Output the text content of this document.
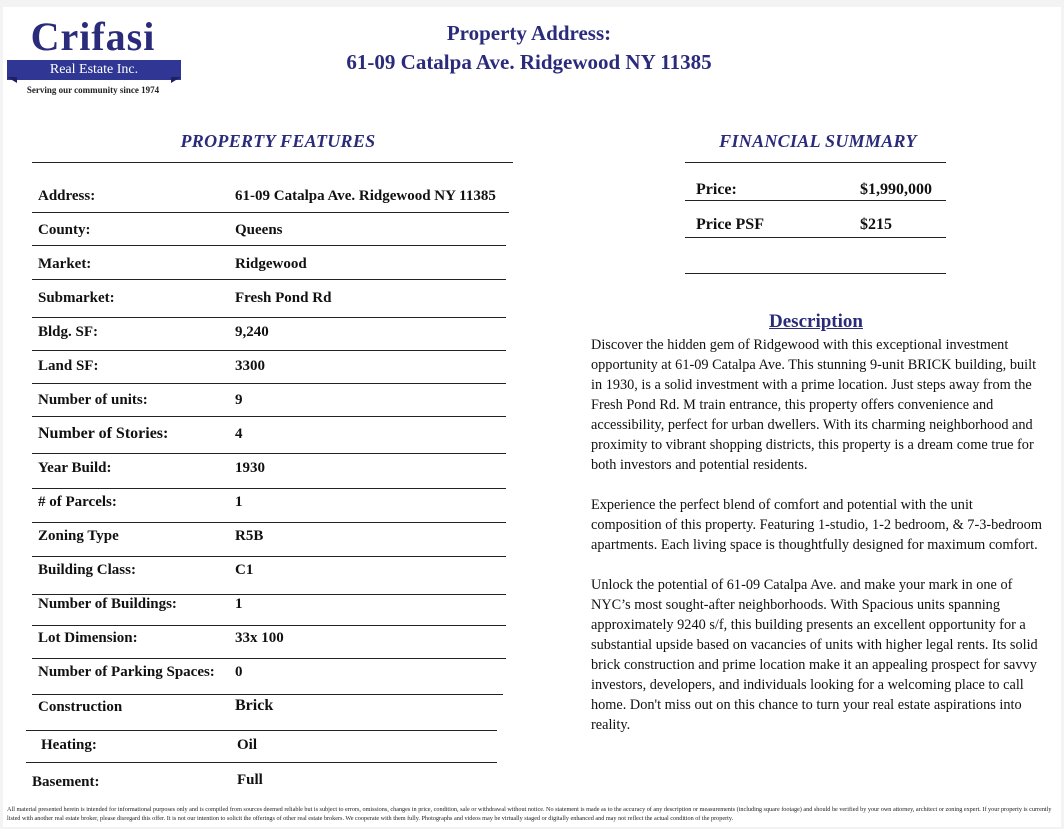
Crifasi
Real Estate Inc.
Serving our community since 1974
Property Address:
61-09 Catalpa Ave. Ridgewood NY 11385
PROPERTY FEATURES
Address:	61-09 Catalpa Ave. Ridgewood NY 11385
County:	Queens
Market:	Ridgewood
Submarket:	Fresh Pond Rd
Bldg. SF:	9,240
Land SF:	3300
Number of units:	9
Number of Stories:	4
Year Build:	1930
# of Parcels:	1
Zoning Type	R5B
Building Class:	C1
Number of Buildings:	1
Lot Dimension:	33x 100
Number of Parking Spaces: 0
Construction	Brick
Heating:	Oil
Basement:	Full
FINANCIAL SUMMARY
Price:	$1,990,000
Price PSF	$215
Description

Discover the hidden gem of Ridgewood with this exceptional investment opportunity at 61-09 Catalpa Ave. This stunning 9-unit BRICK building, built in 1930, is a solid investment with a prime location. Just steps away from the Fresh Pond Rd. M train entrance, this property offers convenience and accessibility, perfect for urban dwellers. With its charming neighborhood and proximity to vibrant shopping districts, this property is a dream come true for both investors and potential residents.

Experience the perfect blend of comfort and potential with the unit composition of this property. Featuring 1-studio, 1-2 bedroom, & 7-3-bedroom apartments. Each living space is thoughtfully designed for maximum comfort.

Unlock the potential of 61-09 Catalpa Ave. and make your mark in one of NYC’s most sought-after neighborhoods. With Spacious units spanning approximately 9240 s/f, this building presents an excellent opportunity for a substantial upside based on vacancies of units with higher legal rents. Its solid brick construction and prime location make it an appealing prospect for savvy investors, developers, and individuals looking for a welcoming place to call home. Don't miss out on this chance to turn your real estate aspirations into reality.

All material presented herein is intended for informational purposes only and is compiled from sources deemed reliable but is subject to errors, omissions, changes in price, condition, sale or withdrawal without notice. No statement is made as to the accuracy of any description or measurements (including square footage) and should be verified by your own attorney, architect or zoning expert. If your property is currently listed with another real estate broker, please disregard this offer. It is not our intention to solicit the offerings of other real estate brokers. We cooperate with them fully. Photographs and videos may be virtually staged or digitally enhanced and may not reflect the actual condition of the property.
